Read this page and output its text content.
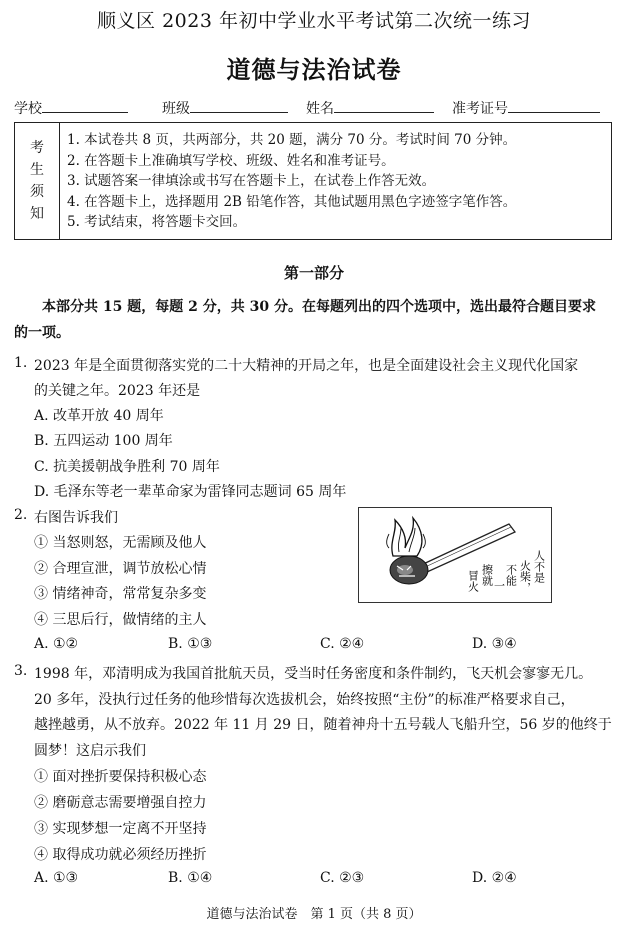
顺义区 2023 年初中学业水平考试第二次统一练习
道德与法治试卷
学校	班级	姓名	准考证号
考
生
须
知
1. 本试卷共 8 页，共两部分，共 20 题，满分 70 分。考试时间 70 分钟。
2. 在答题卡上准确填写学校、班级、姓名和准考证号。
3. 试题答案一律填涂或书写在答题卡上，在试卷上作答无效。
4. 在答题卡上，选择题用 2B 铅笔作答，其他试题用黑色字迹签字笔作答。
5. 考试结束，将答题卡交回。
第一部分
　　本部分共 15 题，每题 2 分，共 30 分。在每题列出的四个选项中，选出最符合题目要求
的一项。
1. 2023 年是全面贯彻落实党的二十大精神的开局之年，也是全面建设社会主义现代化国家
的关键之年。2023 年还是
A. 改革开放 40 周年
B. 五四运动 100 周年
C. 抗美援朝战争胜利 70 周年
D. 毛泽东等老一辈革命家为雷锋同志题词 65 周年
2. 右图告诉我们
① 当怒则怒，无需顾及他人
② 合理宣泄，调节放松心情
③ 情绪神奇，常常复杂多变
④ 三思后行，做情绪的主人
人不是
火柴，
不能
一
擦就
冒火
A. ①②	B. ①③	C. ②④	D. ③④
3. 1998 年，邓清明成为我国首批航天员，受当时任务密度和条件制约，飞天机会寥寥无几。
20 多年，没执行过任务的他珍惜每次选拔机会，始终按照“主份”的标准严格要求自己，
越挫越勇，从不放弃。2022 年 11 月 29 日，随着神舟十五号载人飞船升空，56 岁的他终于
圆梦！这启示我们
① 面对挫折要保持积极心态
② 磨砺意志需要增强自控力
③ 实现梦想一定离不开坚持
④ 取得成功就必须经历挫折
A. ①③	B. ①④	C. ②③	D. ②④
道德与法治试卷　第 1 页（共 8 页）
